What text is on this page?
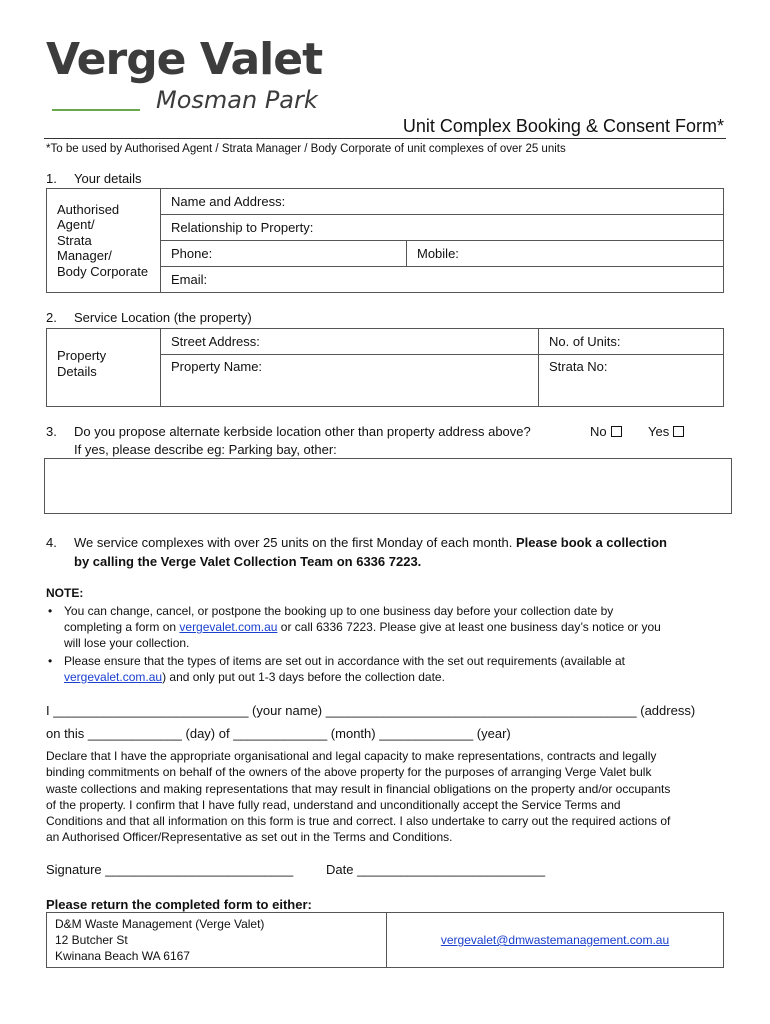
Verge Valet
Mosman Park
Unit Complex Booking & Consent Form*
*To be used by Authorised Agent / Strata Manager / Body Corporate of unit complexes of over 25 units
1. Your details
Authorised
Agent/
Strata Manager/
Body Corporate	Name and Address:	
	Relationship to Property:	
	Phone:	Mobile:
	Email:	
2. Service Location (the property)
Property
Details	Street Address:	No. of Units:
	Property Name:	Strata No:
3. Do you propose alternate kerbside location other than property address above?	No	Yes
If yes, please describe eg: Parking bay, other:
4. We service complexes with over 25 units on the first Monday of each month. Please book a collection
by calling the Verge Valet Collection Team on 6336 7223.
NOTE:
• You can change, cancel, or postpone the booking up to one business day before your collection date by
completing a form on vergevalet.com.au or call 6336 7223. Please give at least one business day’s notice or you
will lose your collection.
• Please ensure that the types of items are set out in accordance with the set out requirements (available at
vergevalet.com.au) and only put out 1-3 days before the collection date.
I ___________________________ (your name) ___________________________________________ (address)
on this _____________ (day) of _____________ (month) _____________ (year)
Declare that I have the appropriate organisational and legal capacity to make representations, contracts and legally
binding commitments on behalf of the owners of the above property for the purposes of arranging Verge Valet bulk
waste collections and making representations that may result in financial obligations on the property and/or occupants
of the property. I confirm that I have fully read, understand and unconditionally accept the Service Terms and
Conditions and that all information on this form is true and correct. I also undertake to carry out the required actions of
an Authorised Officer/Representative as set out in the Terms and Conditions.
Signature __________________________	Date __________________________
Please return the completed form to either:
D&M Waste Management (Verge Valet)
12 Butcher St
Kwinana Beach WA 6167
	vergevalet@dmwastemanagement.com.au
